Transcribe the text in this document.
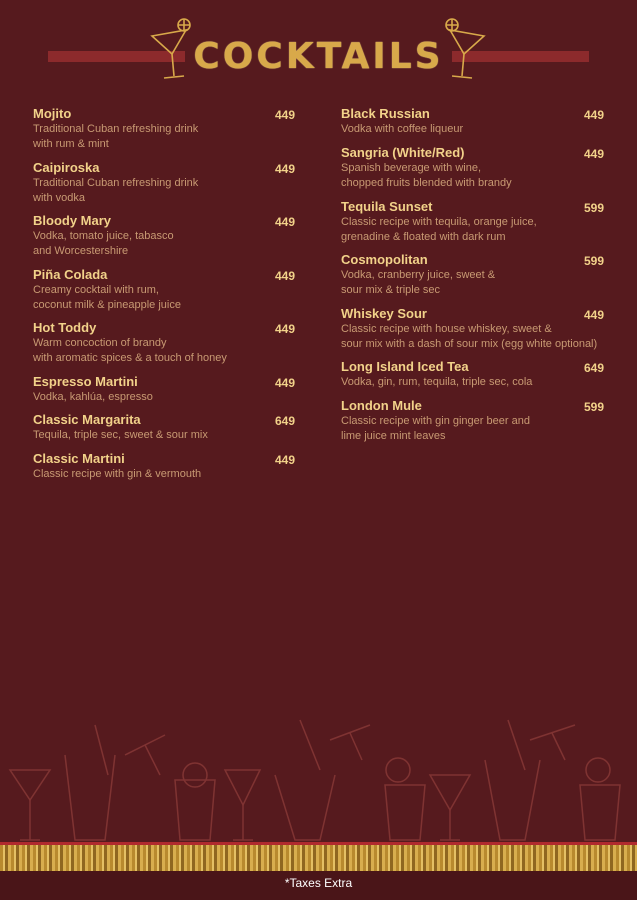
COCKTAILS
Mojito	449
Traditional Cuban refreshing drink
with rum & mint
Caipiroska	449
Traditional Cuban refreshing drink
with vodka
Bloody Mary	449
Vodka, tomato juice, tabasco
and Worcestershire
Piña Colada	449
Creamy cocktail with rum,
coconut milk & pineapple juice
Hot Toddy	449
Warm concoction of brandy
with aromatic spices & a touch of honey
Espresso Martini	449
Vodka, kahlúa, espresso
Classic Margarita	649
Tequila, triple sec, sweet & sour mix
Classic Martini	449
Classic recipe with gin & vermouth
Black Russian	449
Vodka with coffee liqueur
Sangria (White/Red)	449
Spanish beverage with wine,
chopped fruits blended with brandy
Tequila Sunset	599
Classic recipe with tequila, orange juice,
grenadine & floated with dark rum
Cosmopolitan	599
Vodka, cranberry juice, sweet &
sour mix & triple sec
Whiskey Sour	449
Classic recipe with house whiskey, sweet &
sour mix with a dash of sour mix (egg white optional)
Long Island Iced Tea	649
Vodka, gin, rum, tequila, triple sec, cola
London Mule	599
Classic recipe with gin ginger beer and
lime juice mint leaves
*Taxes Extra
